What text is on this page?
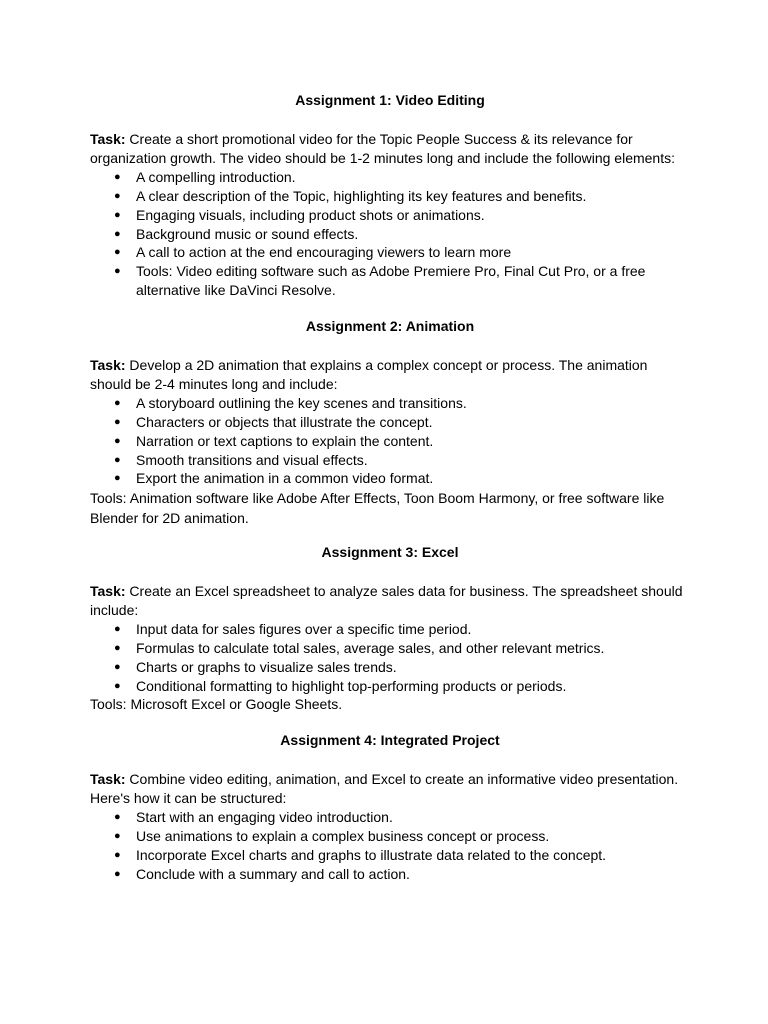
Assignment 1: Video Editing

Task: Create a short promotional video for the Topic People Success & its relevance for organization growth. The video should be 1-2 minutes long and include the following elements:

● A compelling introduction.
● A clear description of the Topic, highlighting its key features and benefits.
● Engaging visuals, including product shots or animations.
● Background music or sound effects.
● A call to action at the end encouraging viewers to learn more
● Tools: Video editing software such as Adobe Premiere Pro, Final Cut Pro, or a free alternative like DaVinci Resolve.
Assignment 2: Animation

Task: Develop a 2D animation that explains a complex concept or process. The animation should be 2-4 minutes long and include:

● A storyboard outlining the key scenes and transitions.
● Characters or objects that illustrate the concept.
● Narration or text captions to explain the content.
● Smooth transitions and visual effects.
● Export the animation in a common video format.

Tools: Animation software like Adobe After Effects, Toon Boom Harmony, or free software like Blender for 2D animation.

Assignment 3: Excel

Task: Create an Excel spreadsheet to analyze sales data for business. The spreadsheet should include:

● Input data for sales figures over a specific time period.
● Formulas to calculate total sales, average sales, and other relevant metrics.
● Charts or graphs to visualize sales trends.
● Conditional formatting to highlight top-performing products or periods.

Tools: Microsoft Excel or Google Sheets.

Assignment 4: Integrated Project

Task: Combine video editing, animation, and Excel to create an informative video presentation. Here's how it can be structured:

● Start with an engaging video introduction.
● Use animations to explain a complex business concept or process.
● Incorporate Excel charts and graphs to illustrate data related to the concept.
● Conclude with a summary and call to action.
